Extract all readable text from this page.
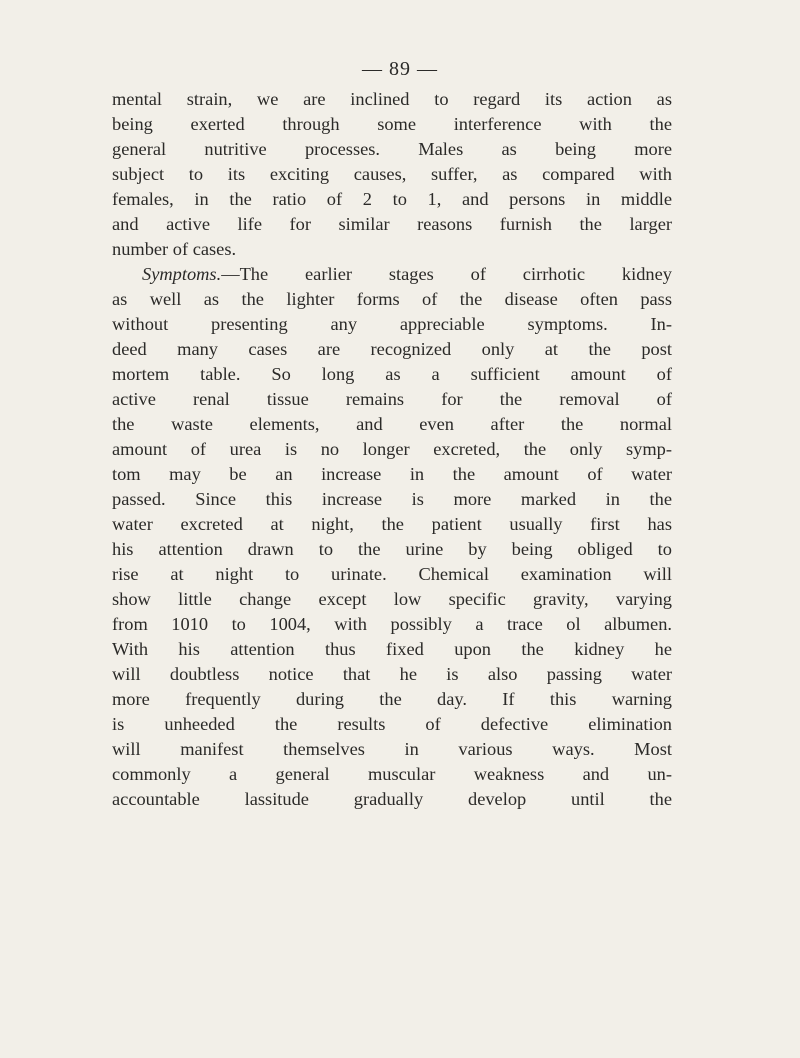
— 89 —
mental strain, we are inclined to regard its action as
being exerted through some interference with the
general nutritive processes. Males as being more
subject to its exciting causes, suffer, as compared with
females, in the ratio of 2 to 1, and persons in middle
and active life for similar reasons furnish the larger
number of cases.
Symptoms.—The earlier stages of cirrhotic kidney
as well as the lighter forms of the disease often pass
without presenting any appreciable symptoms. In-
deed many cases are recognized only at the post
mortem table. So long as a sufficient amount of
active renal tissue remains for the removal of
the waste elements, and even after the normal
amount of urea is no longer excreted, the only symp-
tom may be an increase in the amount of water
passed. Since this increase is more marked in the
water excreted at night, the patient usually first has
his attention drawn to the urine by being obliged to
rise at night to urinate. Chemical examination will
show little change except low specific gravity, varying
from 1010 to 1004, with possibly a trace ol albumen.
With his attention thus fixed upon the kidney he
will doubtless notice that he is also passing water
more frequently during the day. If this warning
is unheeded the results of defective elimination
will manifest themselves in various ways. Most
commonly a general muscular weakness and un-
accountable lassitude gradually develop until the
